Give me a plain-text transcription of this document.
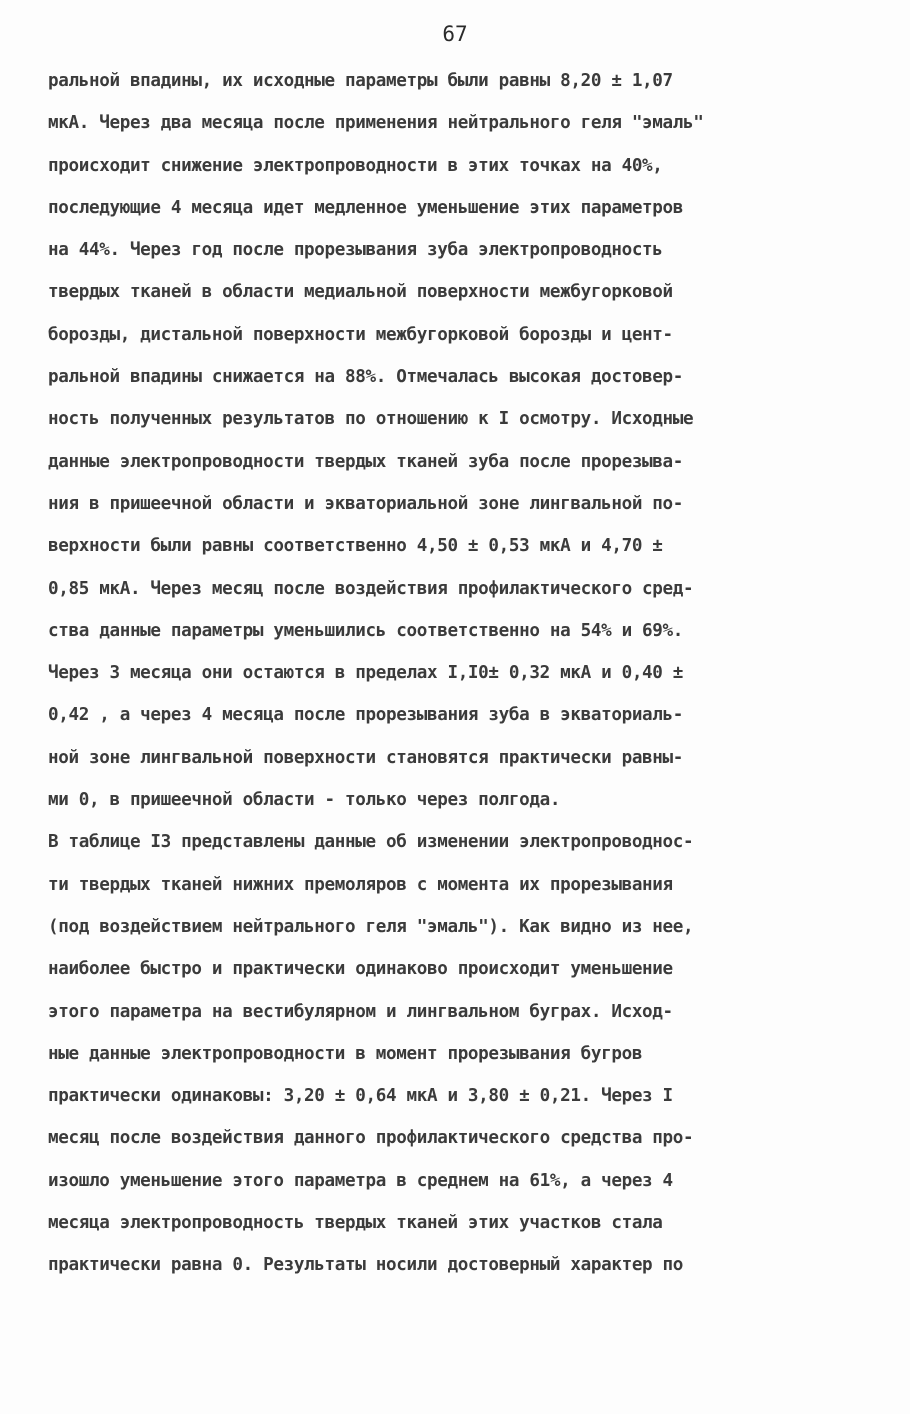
67
ральной впадины, их исходные параметры были равны 8,20 ± 1,07
мкА. Через два месяца после применения нейтрального геля "эмаль"
происходит снижение электропроводности в этих точках на 40%,
последующие 4 месяца идет медленное уменьшение этих параметров
на 44%. Через год после прорезывания зуба электропроводность
твердых тканей в области медиальной поверхности межбугорковой
борозды, дистальной поверхности межбугорковой борозды и цент-
ральной впадины снижается на 88%. Отмечалась высокая достовер-
ность полученных результатов по отношению к I осмотру. Исходные
данные электропроводности твердых тканей зуба после прорезыва-
ния в пришеечной области и экваториальной зоне лингвальной по-
верхности были равны соответственно 4,50 ± 0,53 мкА и 4,70 ±
0,85 мкА. Через месяц после воздействия профилактического сред-
ства данные параметры уменьшились соответственно на 54% и 69%.
Через 3 месяца они остаются в пределах I,I0± 0,32 мкА и 0,40 ±
0,42 , а через 4 месяца после прорезывания зуба в экваториаль-
ной зоне лингвальной поверхности становятся практически равны-
ми 0, в пришеечной области - только через полгода.
В таблице I3 представлены данные об изменении электропроводнос-
ти твердых тканей нижних премоляров с момента их прорезывания
(под воздействием нейтрального геля "эмаль"). Как видно из нее,
наиболее быстро и практически одинаково происходит уменьшение
этого параметра на вестибулярном и лингвальном буграх. Исход-
ные данные электропроводности в момент прорезывания бугров
практически одинаковы: 3,20 ± 0,64 мкА и 3,80 ± 0,21. Через I
месяц после воздействия данного профилактического средства про-
изошло уменьшение этого параметра в среднем на 61%, а через 4
месяца электропроводность твердых тканей этих участков стала
практически равна 0. Результаты носили достоверный характер по
